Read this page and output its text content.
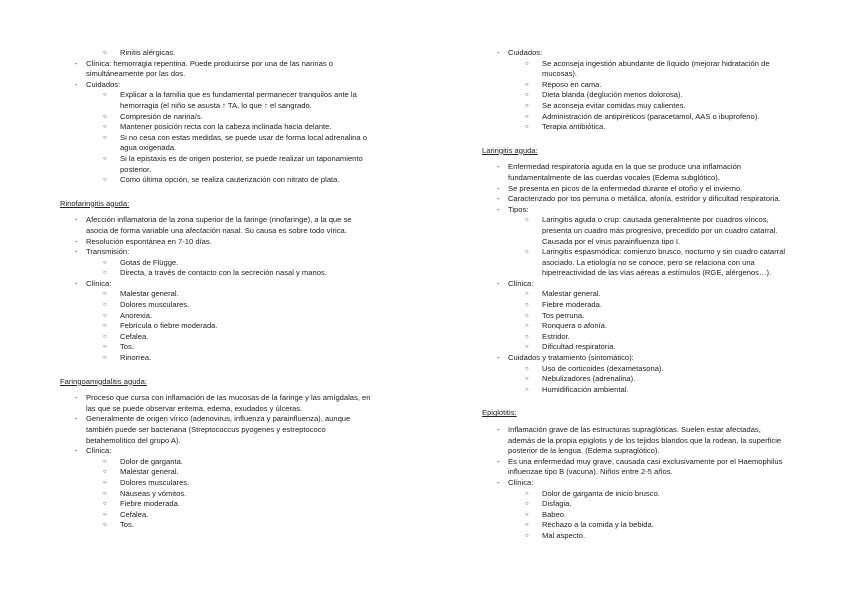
○ Rinitis alérgicas.
- Clínica: hemorragia repentina. Puede producirse por una de las narinas o simultáneamente por las dos.
- Cuidados:
○ Explicar a la familia que es fundamental permanecer tranquilos ante la hemorragia (el niño se asusta ↑ TA, lo que ↑ el sangrado.
○ Compresión de narina/s.
○ Mantener posición recta con la cabeza inclinada hacia delante.
○ Si no cesa con estas medidas, se puede usar de forma local adrenalina o agua oxigenada.
○ Si la epistaxis es de origen posterior, se puede realizar un taponamiento posterior.
○ Como última opción, se realiza cauterización con nitrato de plata.
Rinofaringitis aguda:
- Afección inflamatoria de la zona superior de la faringe (rinofaringe), a la que se asocia de forma variable una afectación nasal. Su causa es sobre todo vírica.
- Resolución espontánea en 7-10 días.
- Transmisión:
○ Gotas de Flügge.
○ Directa, a través de contacto con la secreción nasal y manos.
- Clínica:
○ Malestar general.
○ Dolores musculares.
○ Anorexia.
○ Febrícula o fiebre moderada.
○ Cefalea.
○ Tos.
○ Rinorrea.
Faringoamigdalitis aguda:
- Proceso que cursa con inflamación de las mucosas de la faringe y las amígdalas, en las que se puede observar eritema, edema, exudados y úlceras.
- Generalmente de origen vírico (adenovirus, influenza y parainfluenza), aunque también puede ser bacteriana (Streptococcus pyogenes y estreptococo betahemolítico del grupo A).
- Clínica:
○ Dolor de garganta.
○ Malestar general.
○ Dolores musculares.
○ Náuseas y vómitos.
○ Fiebre moderada.
○ Cefalea.
○ Tos.
- Cuidados:
○ Se aconseja ingestión abundante de líquido (mejorar hidratación de mucosas).
○ Reposo en cama.
○ Dieta blanda (deglución menos dolorosa).
○ Se aconseja evitar comidas muy calientes.
○ Administración de antipiréticos (paracetamol, AAS o ibuprofeno).
○ Terapia antibiótica.
Laringitis aguda:
- Enfermedad respiratoria aguda en la que se produce una inflamación fundamentalmente de las cuerdas vocales (Edema subglótico).
- Se presenta en picos de la enfermedad durante el otoño y el invierno.
- Caracterizado por tos perruna o metálica, afonía, estridor y dificultad respiratoria.
- Tipos:
○ Laringitis aguda o crup: causada generalmente por cuadros víricos, presenta un cuadro más progresivo, precedido por un cuadro catarral. Causada por el virus parainfluenza tipo I.
○ Laringitis espasmódica: comienzo brusco, nocturno y sin cuadro catarral asociado. La etiología no se conoce, pero se relaciona con una hiperreactividad de las vías aéreas a estímulos (RGE, alérgenos…).
- Clínica:
○ Malestar general.
○ Fiebre moderada.
○ Tos perruna.
○ Ronquera o afonía.
○ Estridor.
○ Dificultad respiratoria.
- Cuidados y tratamiento (sintomático):
○ Uso de corticoides (dexametasona).
○ Nebulizadores (adrenalina).
○ Humidificación ambiental.
Epiglotitis:
- Inflamación grave de las estructuras supraglóticas. Suelen estar afectadas, además de la propia epiglotis y de los tejidos blandos que la rodean, la superficie posterior de la lengua. (Edema supraglótico).
- Es una enfermedad muy grave, causada casi exclusivamente por el Haemophilus influenzae tipo B (vacuna). Niños entre 2-5 años.
- Clínica:
○ Dolor de garganta de inicio brusco.
○ Disfagia.
○ Babeo.
○ Rechazo a la comida y la bebida.
○ Mal aspecto.
